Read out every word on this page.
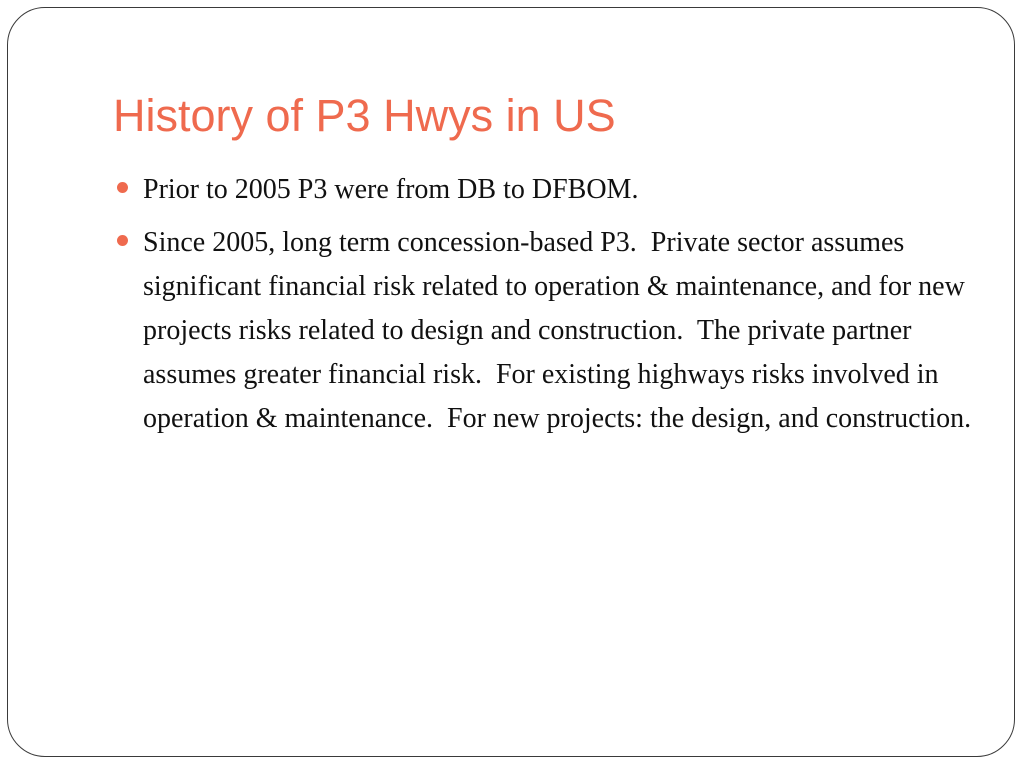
History of P3 Hwys in US
Prior to 2005 P3 were from DB to DFBOM.
Since 2005, long term concession-based P3.  Private sector assumes significant financial risk related to operation & maintenance, and for new projects risks related to design and construction.  The private partner assumes greater financial risk.  For existing highways risks involved in operation & maintenance.  For new projects: the design, and construction.
